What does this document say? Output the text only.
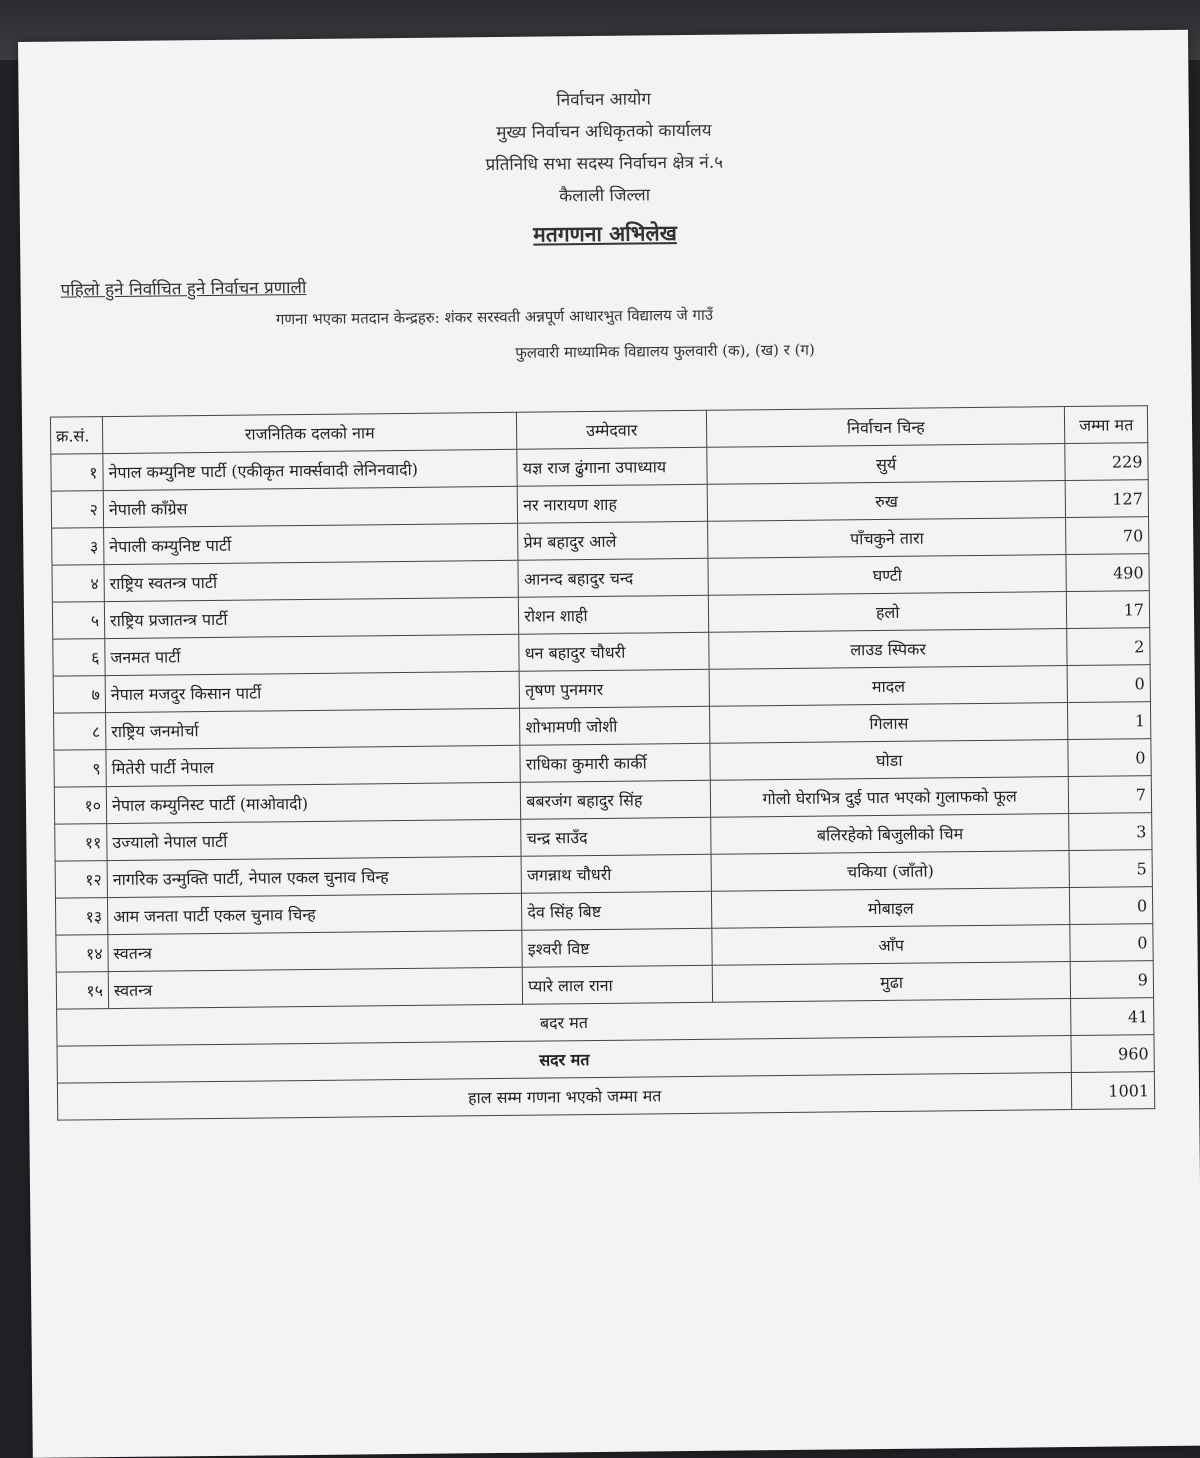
निर्वाचन आयोग
मुख्य निर्वाचन अधिकृतको कार्यालय
प्रतिनिधि सभा सदस्य निर्वाचन क्षेत्र नं.५
कैलाली जिल्ला
मतगणना अभिलेख
पहिलो हुने निर्वाचित हुने निर्वाचन प्रणाली
गणना भएका मतदान केन्द्रहरु: शंकर सरस्वती अन्नपूर्ण आधारभुत विद्यालय जे गाउँ
फुलवारी माध्यामिक विद्यालय फुलवारी (क), (ख) र (ग)
क्र.सं.	राजनितिक दलको नाम	उम्मेदवार	निर्वाचन चिन्ह	जम्मा मत
१	नेपाल कम्युनिष्ट पार्टी (एकीकृत मार्क्सवादी लेनिनवादी)	यज्ञ राज ढुंगाना उपाध्याय	सुर्य	229
२	नेपाली काँग्रेस	नर नारायण शाह	रुख	127
३	नेपाली कम्युनिष्ट पार्टी	प्रेम बहादुर आले	पाँचकुने तारा	70
४	राष्ट्रिय स्वतन्त्र पार्टी	आनन्द बहादुर चन्द	घण्टी	490
५	राष्ट्रिय प्रजातन्त्र पार्टी	रोशन शाही	हलो	17
६	जनमत पार्टी	धन बहादुर चौधरी	लाउड स्पिकर	2
७	नेपाल मजदुर किसान पार्टी	तृषण पुनमगर	मादल	0
८	राष्ट्रिय जनमोर्चा	शोभामणी जोशी	गिलास	1
९	मितेरी पार्टी नेपाल	राधिका कुमारी कार्की	घोडा	0
१०	नेपाल कम्युनिस्ट पार्टी (माओवादी)	बबरजंग बहादुर सिंह	गोलो घेराभित्र दुई पात भएको गुलाफको फूल	7
११	उज्यालो नेपाल पार्टी	चन्द्र साउँद	बलिरहेको बिजुलीको चिम	3
१२	नागरिक उन्मुक्ति पार्टी, नेपाल एकल चुनाव चिन्ह	जगन्नाथ चौधरी	चकिया (जाँतो)	5
१३	आम जनता पार्टी एकल चुनाव चिन्ह	देव सिंह बिष्ट	मोबाइल	0
१४	स्वतन्त्र	इश्वरी विष्ट	आँप	0
१५	स्वतन्त्र	प्यारे लाल राना	मुढा	9
बदर मत				41
सदर मत				960
हाल सम्म गणना भएको जम्मा मत				1001
